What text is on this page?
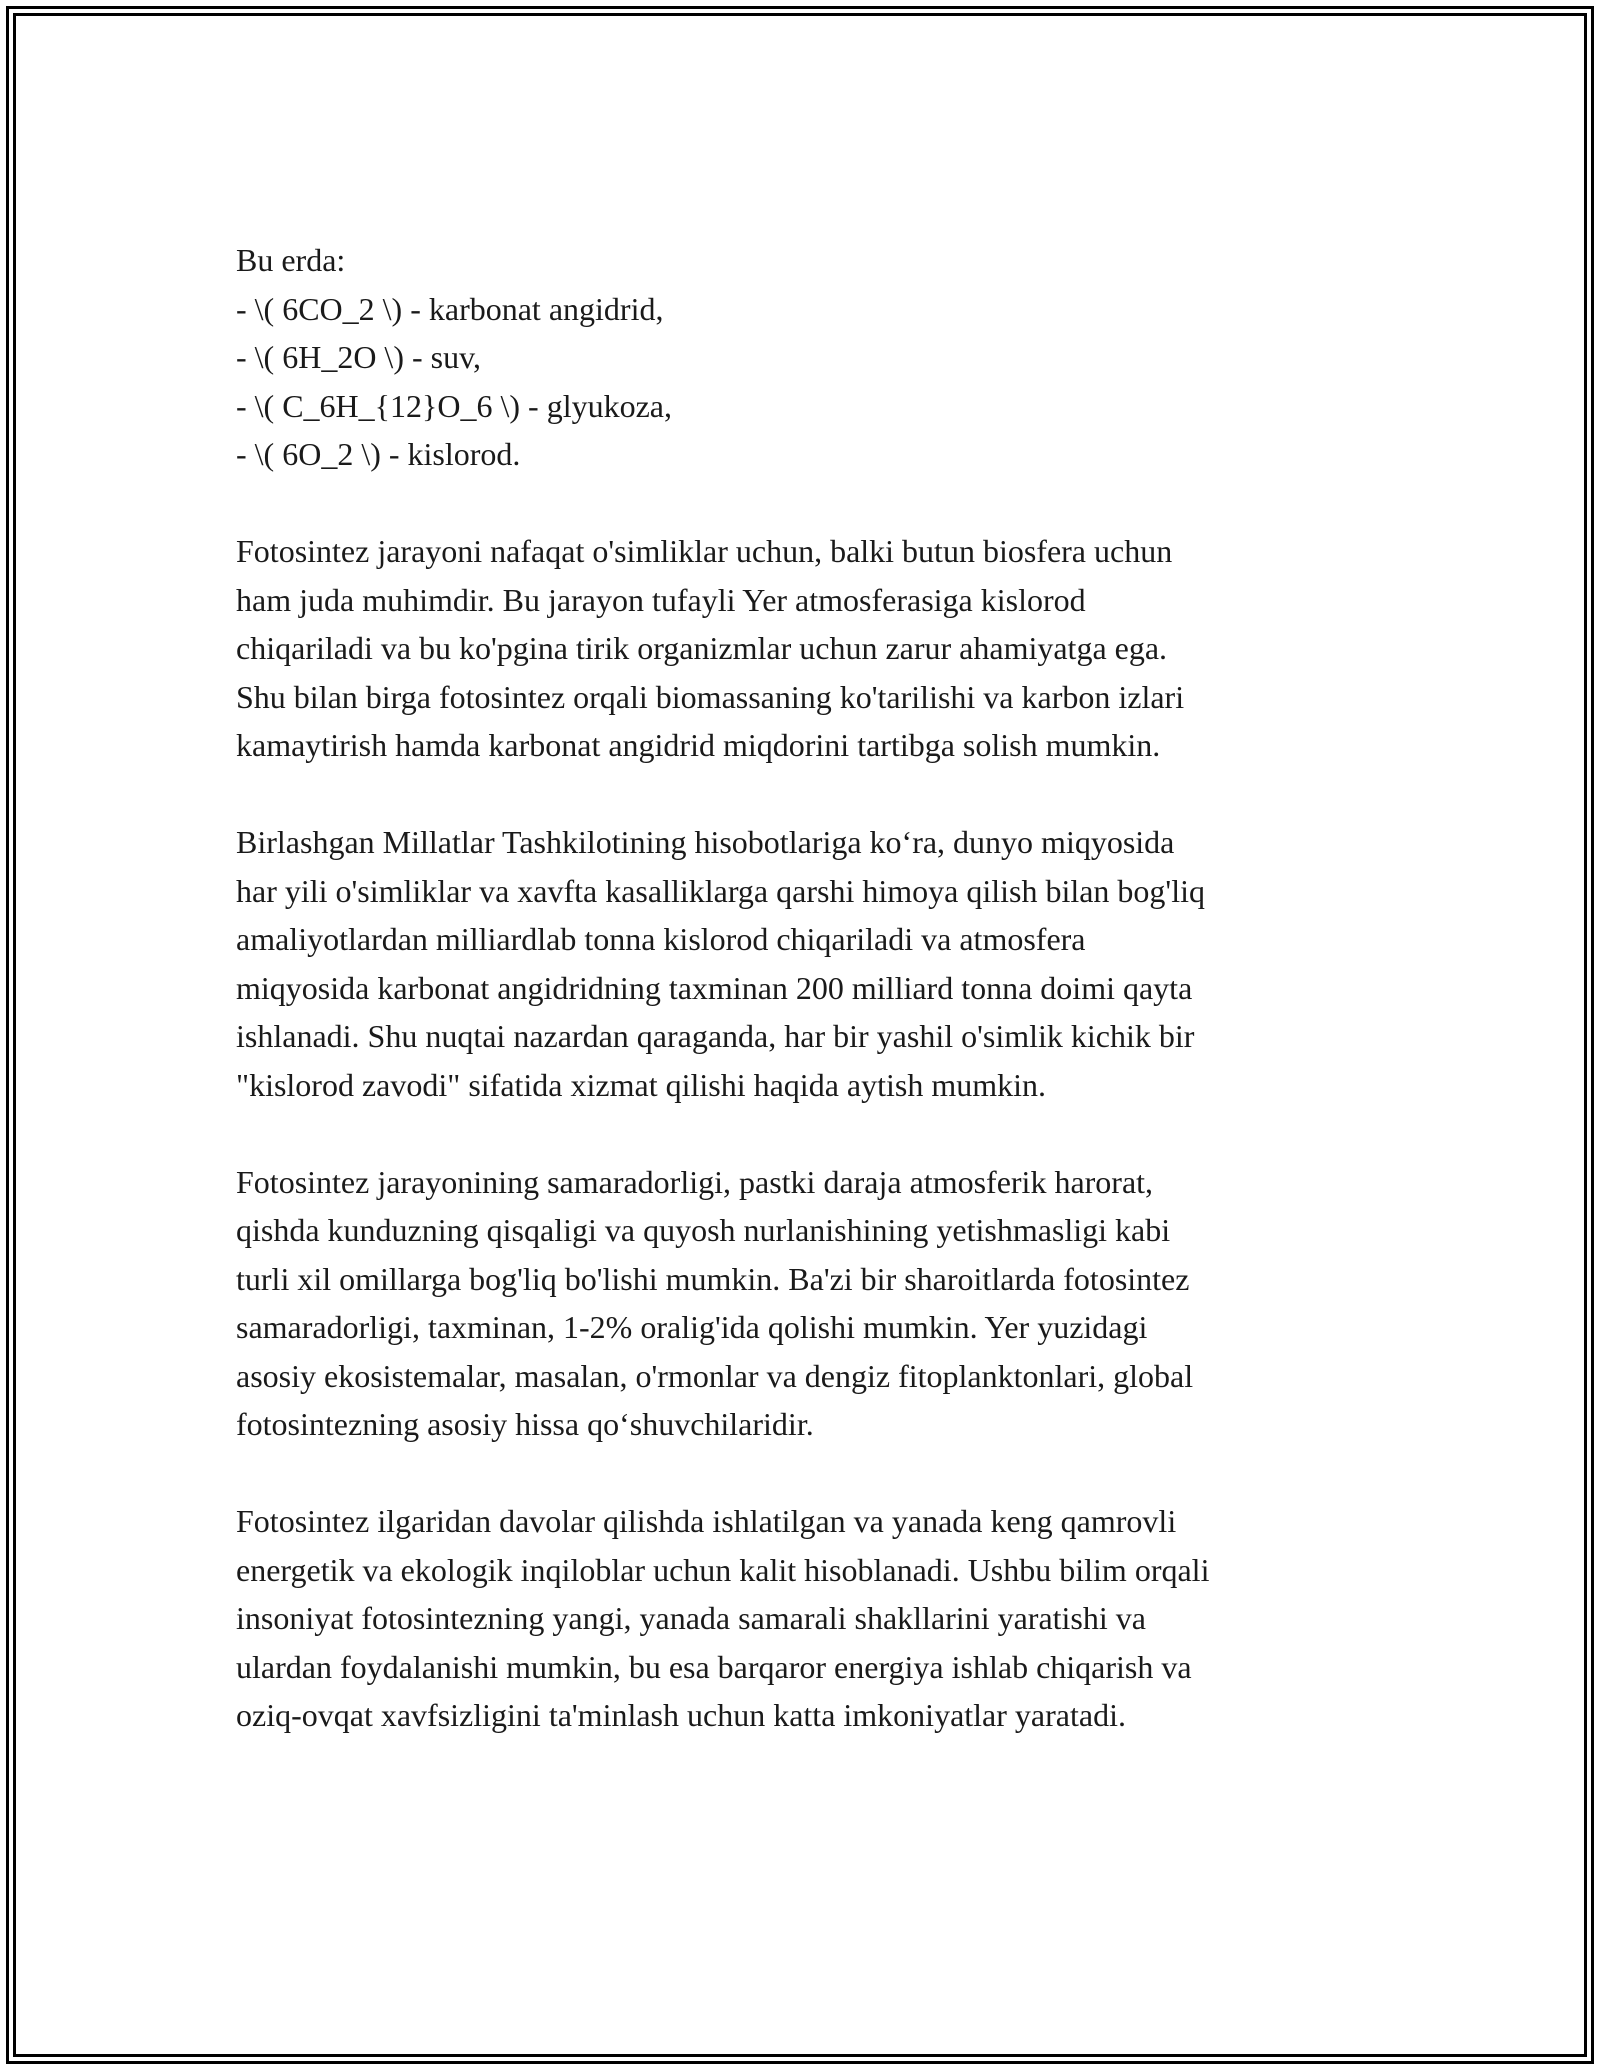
Bu erda:
- \( 6CO_2 \) - karbonat angidrid,
- \( 6H_2O \) - suv,
- \( C_6H_{12}O_6 \) - glyukoza,
- \( 6O_2 \) - kislorod.
Fotosintez jarayoni nafaqat o'simliklar uchun, balki butun biosfera uchun
ham juda muhimdir. Bu jarayon tufayli Yer atmosferasiga kislorod
chiqariladi va bu ko'pgina tirik organizmlar uchun zarur ahamiyatga ega.
Shu bilan birga fotosintez orqali biomassaning ko'tarilishi va karbon izlari
kamaytirish hamda karbonat angidrid miqdorini tartibga solish mumkin.
Birlashgan Millatlar Tashkilotining hisobotlariga ko‘ra, dunyo miqyosida
har yili o'simliklar va xavfta kasalliklarga qarshi himoya qilish bilan bog'liq
amaliyotlardan milliardlab tonna kislorod chiqariladi va atmosfera
miqyosida karbonat angidridning taxminan 200 milliard tonna doimi qayta
ishlanadi. Shu nuqtai nazardan qaraganda, har bir yashil o'simlik kichik bir
"kislorod zavodi" sifatida xizmat qilishi haqida aytish mumkin.
Fotosintez jarayonining samaradorligi, pastki daraja atmosferik harorat,
qishda kunduzning qisqaligi va quyosh nurlanishining yetishmasligi kabi
turli xil omillarga bog'liq bo'lishi mumkin. Ba'zi bir sharoitlarda fotosintez
samaradorligi, taxminan, 1-2% oralig'ida qolishi mumkin. Yer yuzidagi
asosiy ekosistemalar, masalan, o'rmonlar va dengiz fitoplanktonlari, global
fotosintezning asosiy hissa qo‘shuvchilaridir.
Fotosintez ilgaridan davolar qilishda ishlatilgan va yanada keng qamrovli
energetik va ekologik inqiloblar uchun kalit hisoblanadi. Ushbu bilim orqali
insoniyat fotosintezning yangi, yanada samarali shakllarini yaratishi va
ulardan foydalanishi mumkin, bu esa barqaror energiya ishlab chiqarish va
oziq-ovqat xavfsizligini ta'minlash uchun katta imkoniyatlar yaratadi.
